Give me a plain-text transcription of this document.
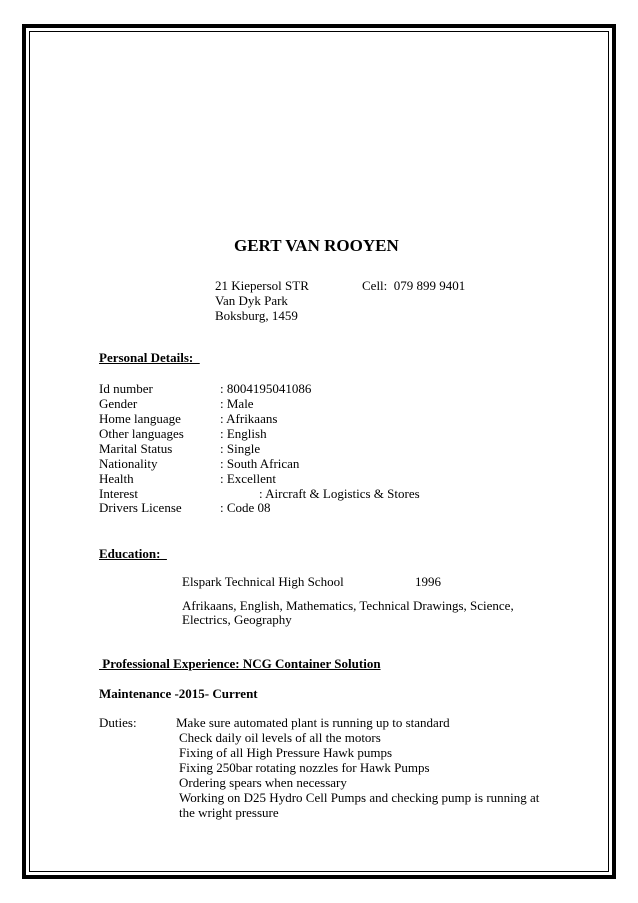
GERT VAN ROOYEN
21 Kiepersol STR
Van Dyk Park
Boksburg, 1459
Cell:  079 899 9401
Personal Details:
Id number	: 8004195041086
Gender	: Male
Home language	: Afrikaans
Other languages	: English
Marital Status	: Single
Nationality	: South African
Health	: Excellent
Interest	: Aircraft & Logistics & Stores
Drivers License	: Code 08
Education:
Elspark Technical High School	1996
Afrikaans, English, Mathematics, Technical Drawings, Science,
Electrics, Geography
Professional Experience: NCG Container Solution
Maintenance -2015- Current
Duties:	Make sure automated plant is running up to standard
Check daily oil levels of all the motors
Fixing of all High Pressure Hawk pumps
Fixing 250bar rotating nozzles for Hawk Pumps
Ordering spears when necessary
Working on D25 Hydro Cell Pumps and checking pump is running at
the wright pressure
